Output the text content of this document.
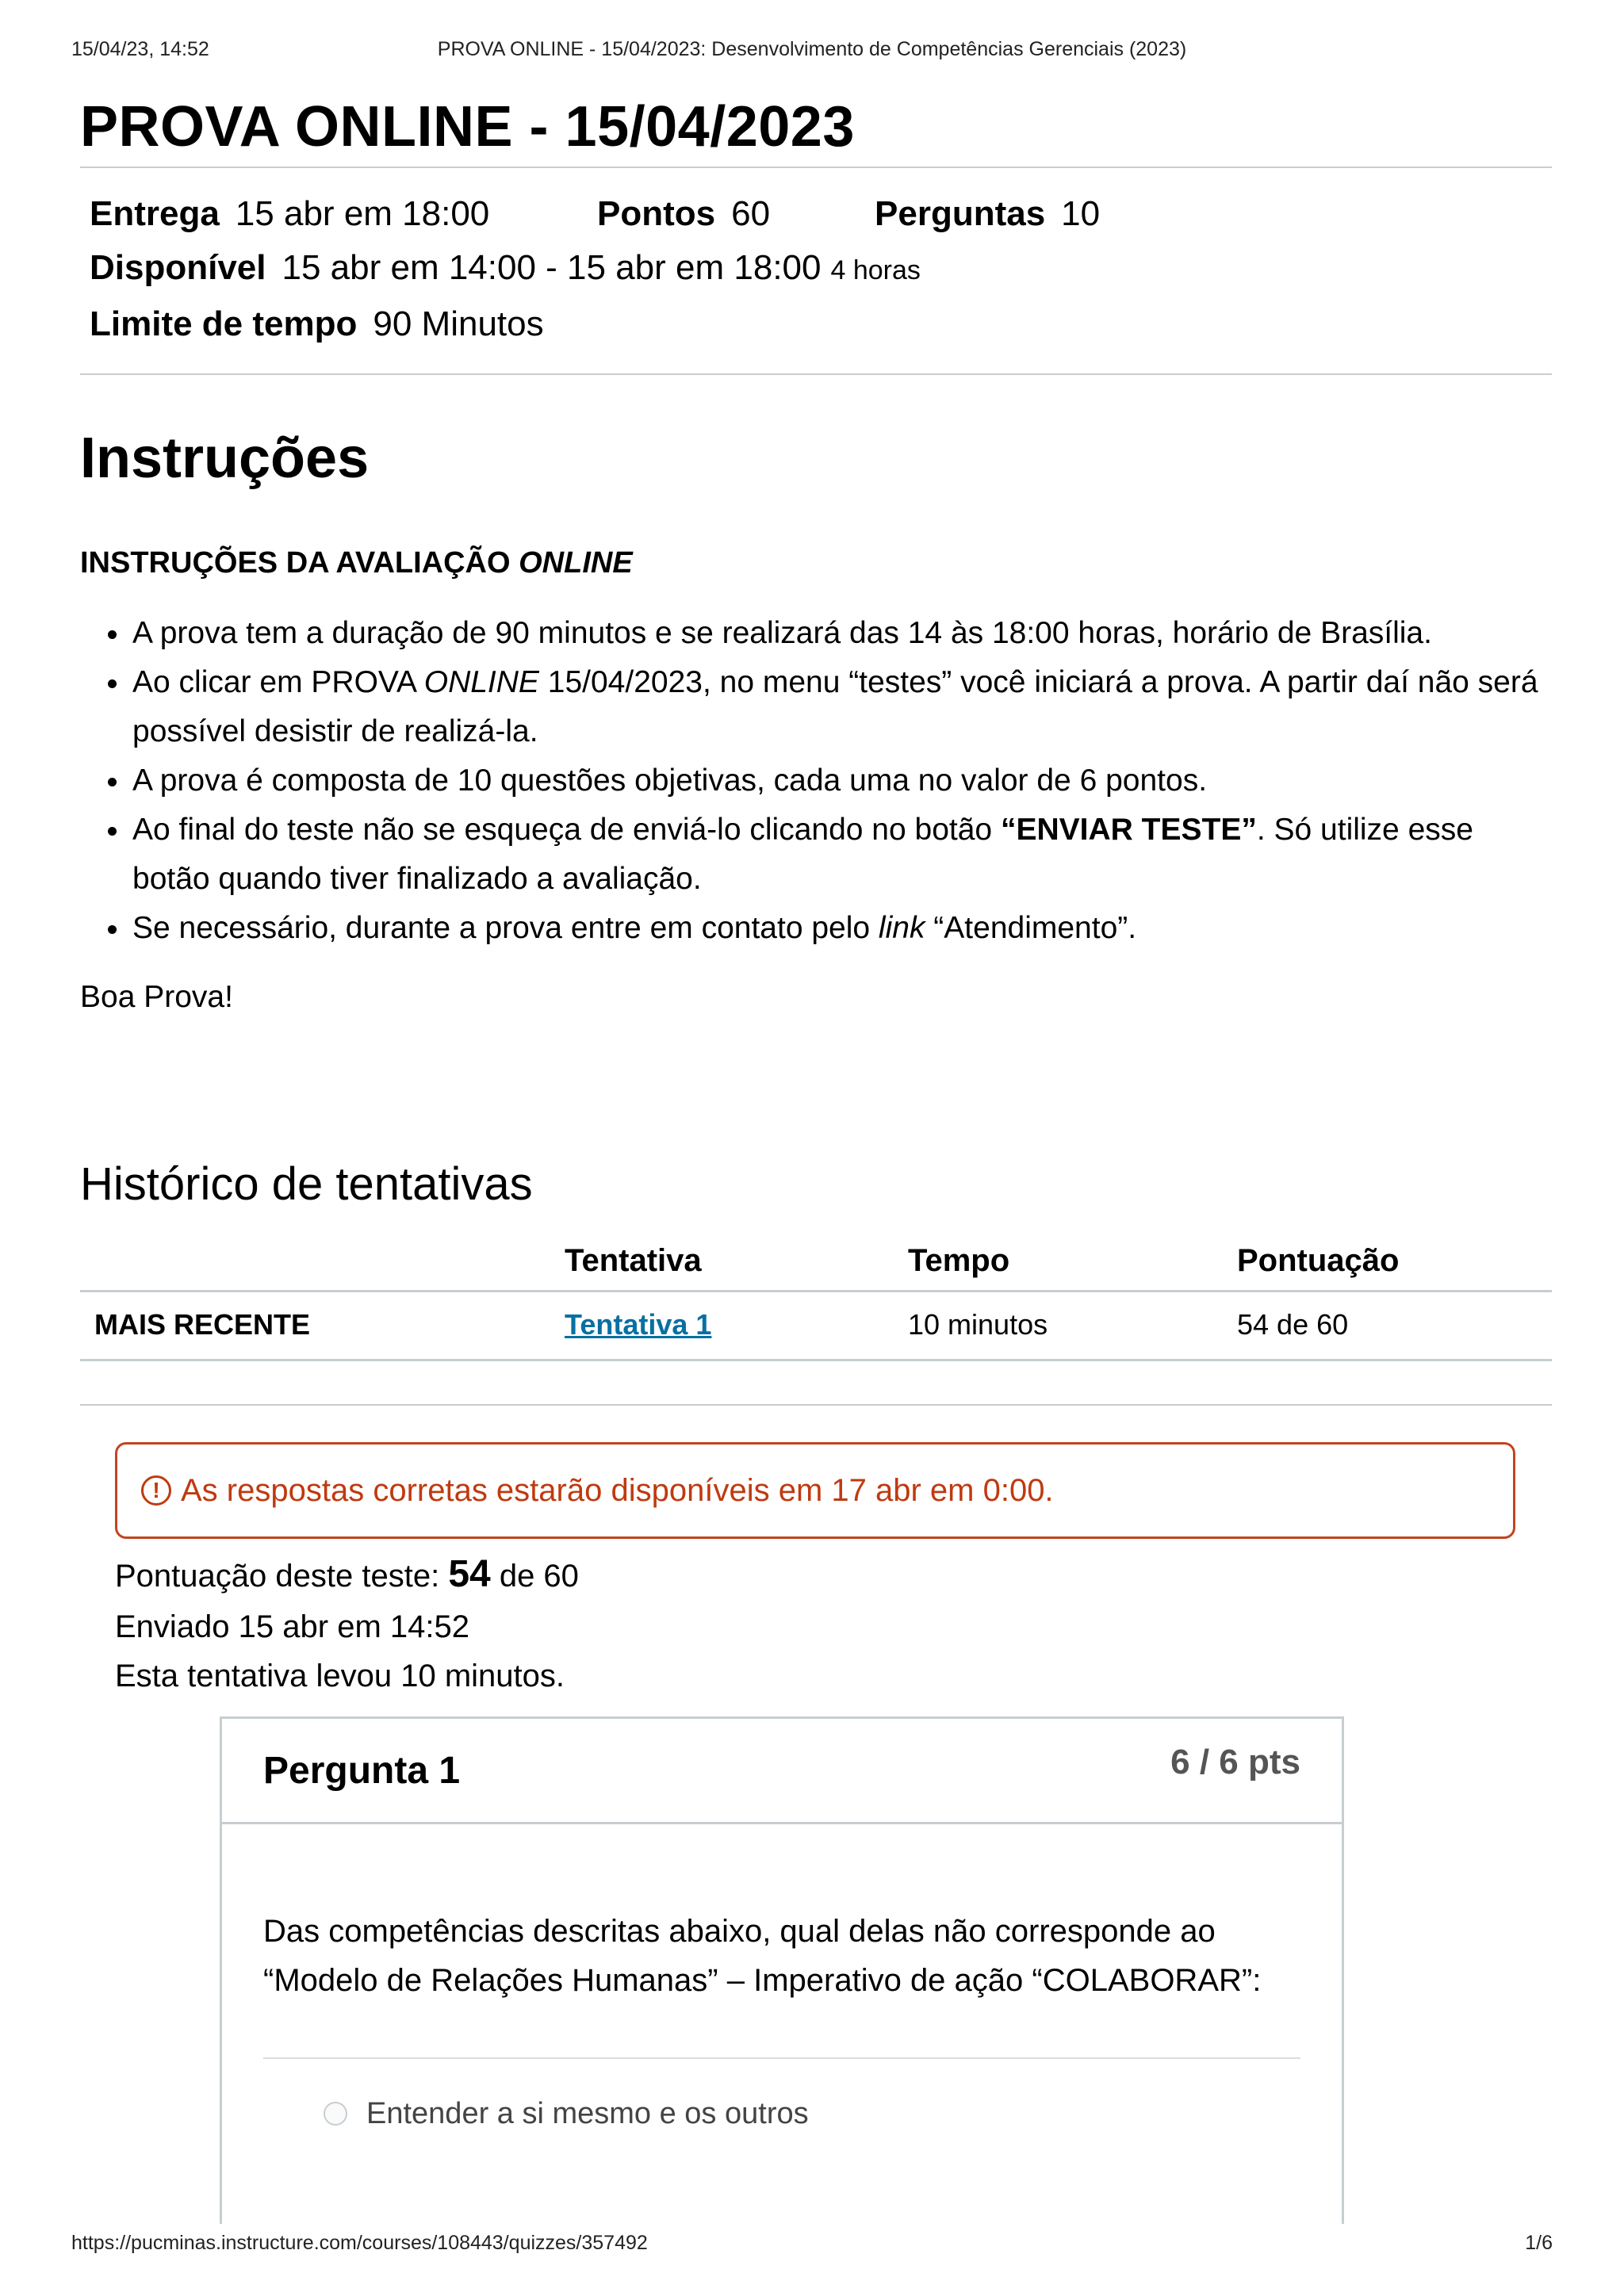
15/04/23, 14:52	PROVA ONLINE - 15/04/2023: Desenvolvimento de Competências Gerenciais (2023)
PROVA ONLINE - 15/04/2023
Entrega 15 abr em 18:00	Pontos 60	Perguntas 10
Disponível 15 abr em 14:00 - 15 abr em 18:00 4 horas
Limite de tempo 90 Minutos
Instruções
INSTRUÇÕES DA AVALIAÇÃO ONLINE
• A prova tem a duração de 90 minutos e se realizará das 14 às 18:00 horas, horário de Brasília.
• Ao clicar em PROVA ONLINE 15/04/2023, no menu “testes” você iniciará a prova. A partir daí não será possível desistir de realizá-la.
• A prova é composta de 10 questões objetivas, cada uma no valor de 6 pontos.
• Ao final do teste não se esqueça de enviá-lo clicando no botão “ENVIAR TESTE”. Só utilize esse botão quando tiver finalizado a avaliação.
• Se necessário, durante a prova entre em contato pelo link “Atendimento”.
Boa Prova!
Histórico de tentativas
	Tentativa	Tempo	Pontuação
MAIS RECENTE	Tentativa 1	10 minutos	54 de 60
! As respostas corretas estarão disponíveis em 17 abr em 0:00.
Pontuação deste teste: 54 de 60
Enviado 15 abr em 14:52
Esta tentativa levou 10 minutos.
Pergunta 1	6 / 6 pts
Das competências descritas abaixo, qual delas não corresponde ao “Modelo de Relações Humanas” – Imperativo de ação “COLABORAR”:
Entender a si mesmo e os outros
https://pucminas.instructure.com/courses/108443/quizzes/357492	1/6
